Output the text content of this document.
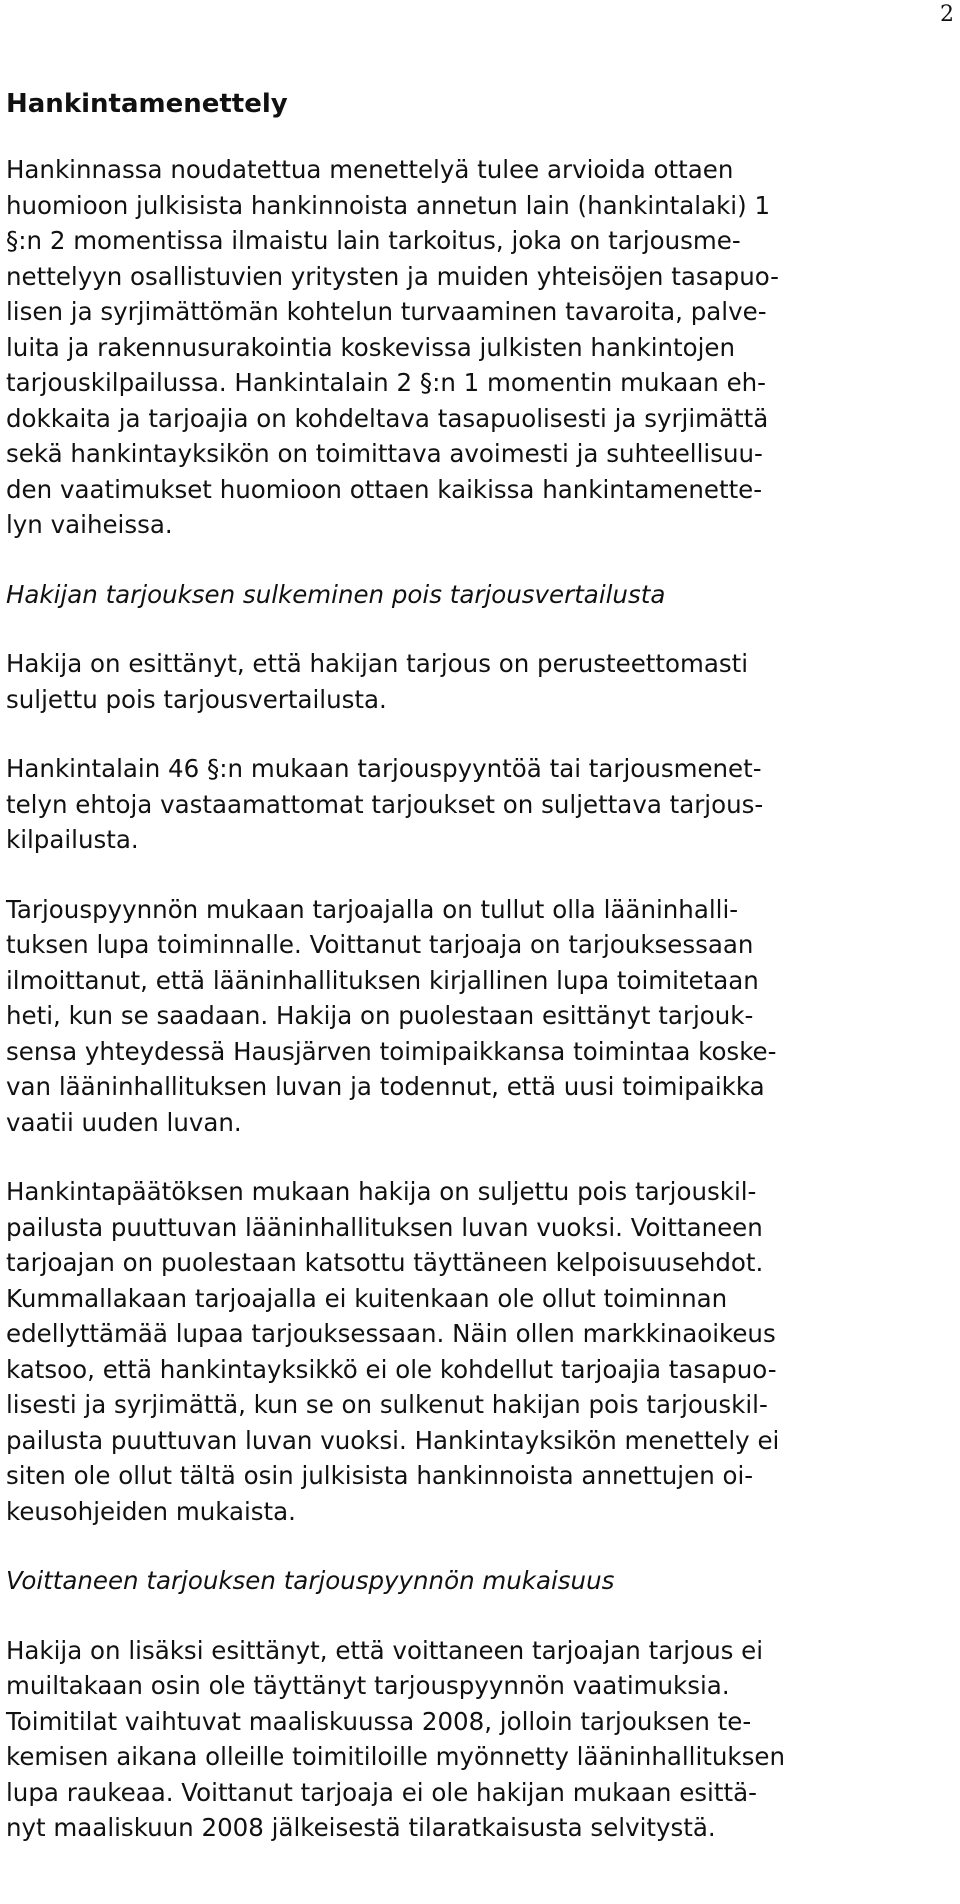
2
Hankintamenettely

Hankinnassa noudatettua menettelyä tulee arvioida ottaen
huomioon julkisista hankinnoista annetun lain (hankintalaki) 1
§:n 2 momentissa ilmaistu lain tarkoitus, joka on tarjousme-
nettelyyn osallistuvien yritysten ja muiden yhteisöjen tasapuo-
lisen ja syrjimättömän kohtelun turvaaminen tavaroita, palve-
luita ja rakennusurakointia koskevissa julkisten hankintojen
tarjouskilpailussa. Hankintalain 2 §:n 1 momentin mukaan eh-
dokkaita ja tarjoajia on kohdeltava tasapuolisesti ja syrjimättä
sekä hankintayksikön on toimittava avoimesti ja suhteellisuu-
den vaatimukset huomioon ottaen kaikissa hankintamenette-
lyn vaiheissa.

Hakijan tarjouksen sulkeminen pois tarjousvertailusta

Hakija on esittänyt, että hakijan tarjous on perusteettomasti
suljettu pois tarjousvertailusta.

Hankintalain 46 §:n mukaan tarjouspyyntöä tai tarjousmenet-
telyn ehtoja vastaamattomat tarjoukset on suljettava tarjous-
kilpailusta.

Tarjouspyynnön mukaan tarjoajalla on tullut olla lääninhalli-
tuksen lupa toiminnalle. Voittanut tarjoaja on tarjouksessaan
ilmoittanut, että lääninhallituksen kirjallinen lupa toimitetaan
heti, kun se saadaan. Hakija on puolestaan esittänyt tarjouk-
sensa yhteydessä Hausjärven toimipaikkansa toimintaa koske-
van lääninhallituksen luvan ja todennut, että uusi toimipaikka
vaatii uuden luvan.

Hankintapäätöksen mukaan hakija on suljettu pois tarjouskil-
pailusta puuttuvan lääninhallituksen luvan vuoksi. Voittaneen
tarjoajan on puolestaan katsottu täyttäneen kelpoisuusehdot.
Kummallakaan tarjoajalla ei kuitenkaan ole ollut toiminnan
edellyttämää lupaa tarjouksessaan. Näin ollen markkinaoikeus
katsoo, että hankintayksikkö ei ole kohdellut tarjoajia tasapuo-
lisesti ja syrjimättä, kun se on sulkenut hakijan pois tarjouskil-
pailusta puuttuvan luvan vuoksi. Hankintayksikön menettely ei
siten ole ollut tältä osin julkisista hankinnoista annettujen oi-
keusohjeiden mukaista.

Voittaneen tarjouksen tarjouspyynnön mukaisuus

Hakija on lisäksi esittänyt, että voittaneen tarjoajan tarjous ei
muiltakaan osin ole täyttänyt tarjouspyynnön vaatimuksia.
Toimitilat vaihtuvat maaliskuussa 2008, jolloin tarjouksen te-
kemisen aikana olleille toimitiloille myönnetty lääninhallituksen
lupa raukeaa. Voittanut tarjoaja ei ole hakijan mukaan esittä-
nyt maaliskuun 2008 jälkeisestä tilaratkaisusta selvitystä.
